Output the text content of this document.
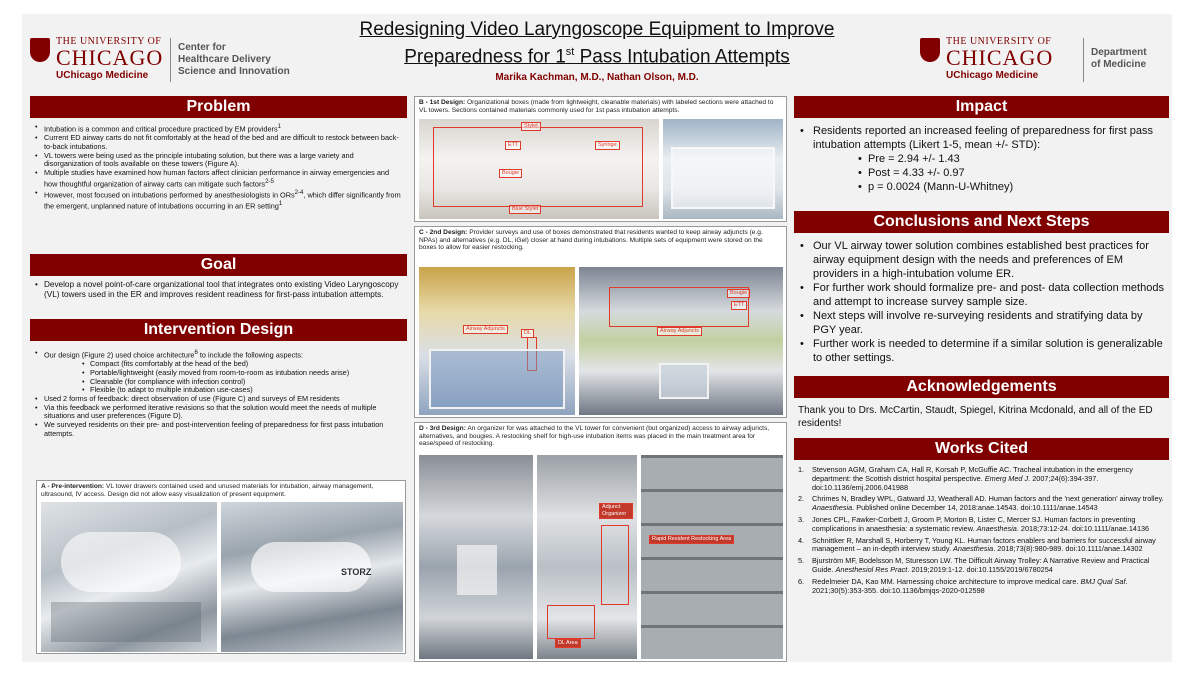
THE UNIVERSITY OF
CHICAGO
UChicago Medicine
Center for
Healthcare Delivery
Science and Innovation
Redesigning Video Laryngoscope Equipment to Improve
Preparedness for 1st Pass Intubation Attempts
Marika Kachman, M.D., Nathan Olson, M.D.
THE UNIVERSITY OF
CHICAGO
UChicago Medicine
Department
of Medicine
Problem
• Intubation is a common and critical procedure practiced by EM providers$^1$
• Current ED airway carts do not fit comfortably at the head of the bed and are difficult to restock between back-to-back intubations.
• VL towers were being used as the principle intubating solution, but there was a large variety and disorganization of tools available on these towers (Figure A).
• Multiple studies have examined how human factors affect clinician performance in airway emergencies and how thoughtful organization of airway carts can mitigate such factors$^{2-5}$
• However, most focused on intubations performed by anesthesiologists in ORs$^{2-4}$, which differ significantly from the emergent, unplanned nature of intubations occurring in an ER setting$^1$
Goal
• Develop a novel point-of-care organizational tool that integrates onto existing Video Laryngoscopy (VL) towers used in the ER and improves resident readiness for first-pass intubation attempts.
Intervention Design
• Our design (Figure 2) used choice architecture$^6$ to include the following aspects:
• Compact (fits comfortably at the head of the bed)
• Portable/lightweight (easily moved from room-to-room as intubation needs arise)
• Cleanable (for compliance with infection control)
• Flexible (to adapt to multiple intubation use-cases)
• Used 2 forms of feedback: direct observation of use (Figure C) and surveys of EM residents
• Via this feedback we performed iterative revisions so that the solution would meet the needs of multiple situations and user preferences (Figure D).
• We surveyed residents on their pre- and post-intervention feeling of preparedness for first pass intubation attempts.
A - Pre-intervention: VL tower drawers contained used and unused materials for intubation, airway management, ultrasound, IV access. Design did not allow easy visualization of present equipment.
STORZ
B - 1st Design: Organizational boxes (made from lightweight, cleanable materials) with labeled sections were attached to VL towers. Sections contained materials commonly used for 1st pass intubation attempts.
Stylet
ETT	Syringe
Bougie
Blue Stylet
C - 2nd Design: Provider surveys and use of boxes demonstrated that residents wanted to keep airway adjuncts (e.g. NPAs) and alternatives (e.g. DL, iGel) closer at hand during intubations. Multiple sets of equipment were stored on the boxes to allow for easier restocking.
Airway Adjuncts
DL
Bougie
ETT
Airway Adjuncts
D - 3rd Design: An organizer for was attached to the VL tower for convenient (but organized) access to airway adjuncts, alternatives, and bougies. A restocking shelf for high-use intubation items was placed in the main treatment area for ease/speed of restocking.
Adjunct Organizer
DL Area
Rapid Resident Restocking Area
Impact
• Residents reported an increased feeling of preparedness for first pass intubation attempts (Likert 1-5, mean +/- STD):
• Pre = 2.94 +/- 1.43
• Post = 4.33 +/- 0.97
• p = 0.0024 (Mann-U-Whitney)
Conclusions and Next Steps
• Our VL airway tower solution combines established best practices for airway equipment design with the needs and preferences of EM providers in a high-intubation volume ER.
• For further work should formalize pre- and post- data collection methods and attempt to increase survey sample size.
• Next steps will involve re-surveying residents and stratifying data by PGY year.
• Further work is needed to determine if a similar solution is generalizable to other settings.
Acknowledgements
Thank you to Drs. McCartin, Staudt, Spiegel, Kitrina Mcdonald, and all of the ED residents!
Works Cited
1. Stevenson AGM, Graham CA, Hall R, Korsah P, McGuffie AC. Tracheal intubation in the emergency department: the Scottish district hospital perspective. Emerg Med J. 2007;24(6):394-397. doi:10.1136/emj.2006.041988
2. Chrimes N, Bradley WPL, Gatward JJ, Weatherall AD. Human factors and the 'next generation' airway trolley. Anaesthesia. Published online December 14, 2018:anae.14543. doi:10.1111/anae.14543
3. Jones CPL, Fawker-Corbett J, Groom P, Morton B, Lister C, Mercer SJ. Human factors in preventing complications in anaesthesia: a systematic review. Anaesthesia. 2018;73:12-24. doi:10.1111/anae.14136
4. Schnittker R, Marshall S, Horberry T, Young KL. Human factors enablers and barriers for successful airway management – an in-depth interview study. Anaesthesia. 2018;73(8):980-989. doi:10.1111/anae.14302
5. Bjurström MF, Bodelsson M, Sturesson LW. The Difficult Airway Trolley: A Narrative Review and Practical Guide. Anesthesiol Res Pract. 2019;2019:1-12. doi:10.1155/2019/6780254
6. Redelmeier DA, Kao MM. Harnessing choice architecture to improve medical care. BMJ Qual Saf. 2021;30(5):353-355. doi:10.1136/bmjqs-2020-012598
